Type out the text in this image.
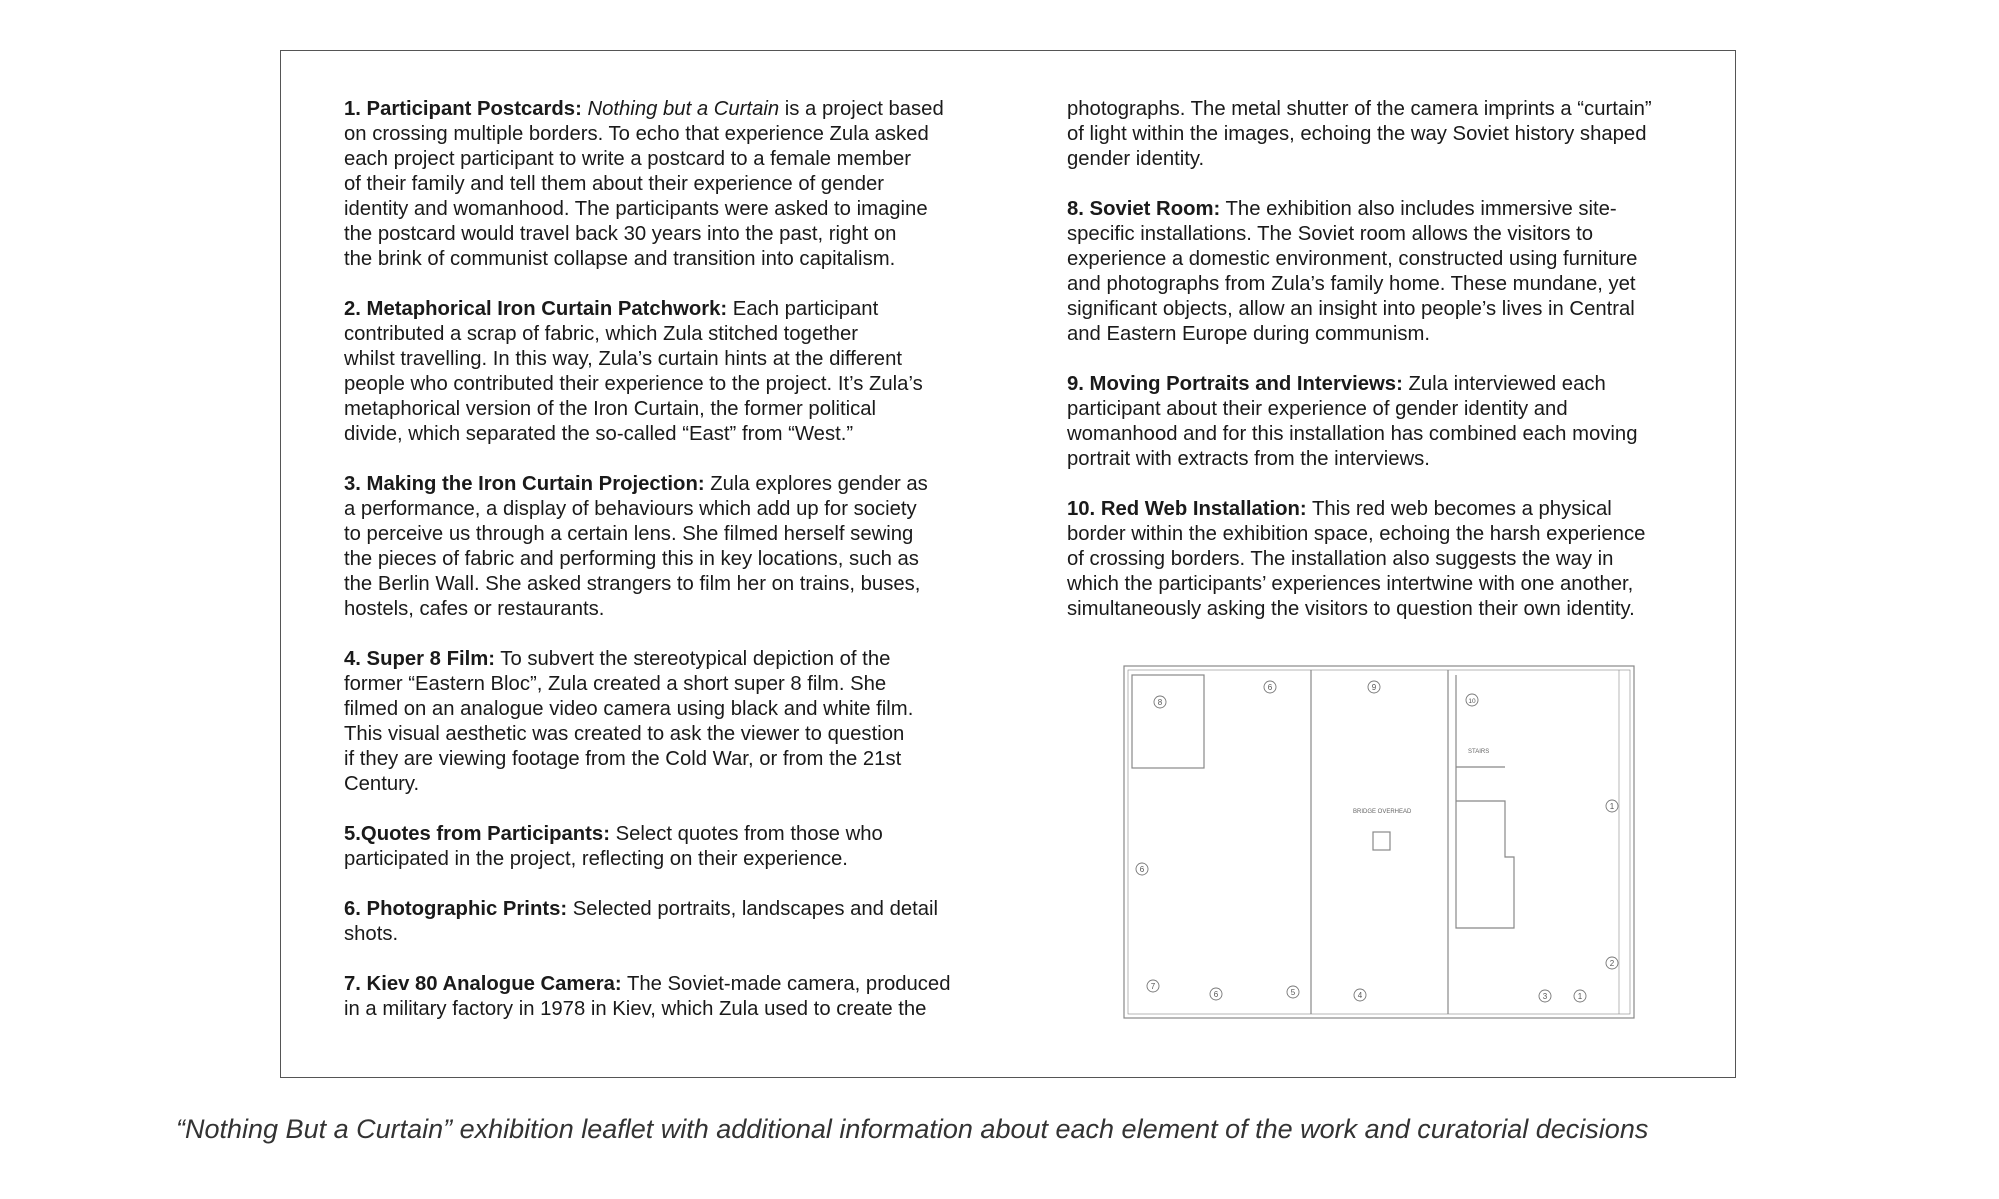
1. Participant Postcards: Nothing but a Curtain is a project based
on crossing multiple borders. To echo that experience Zula asked
each project participant to write a postcard to a female member
of their family and tell them about their experience of gender
identity and womanhood. The participants were asked to imagine
the postcard would travel back 30 years into the past, right on
the brink of communist collapse and transition into capitalism.

2. Metaphorical Iron Curtain Patchwork: Each participant
contributed a scrap of fabric, which Zula stitched together
whilst travelling. In this way, Zula’s curtain hints at the different
people who contributed their experience to the project. It’s Zula’s
metaphorical version of the Iron Curtain, the former political
divide, which separated the so-called “East” from “West.”

3. Making the Iron Curtain Projection: Zula explores gender as
a performance, a display of behaviours which add up for society
to perceive us through a certain lens. She filmed herself sewing
the pieces of fabric and performing this in key locations, such as
the Berlin Wall. She asked strangers to film her on trains, buses,
hostels, cafes or restaurants.

4. Super 8 Film: To subvert the stereotypical depiction of the
former “Eastern Bloc”, Zula created a short super 8 film. She
filmed on an analogue video camera using black and white film.
This visual aesthetic was created to ask the viewer to question
if they are viewing footage from the Cold War, or from the 21st
Century.

5.Quotes from Participants: Select quotes from those who
participated in the project, reflecting on their experience.

6. Photographic Prints: Selected portraits, landscapes and detail
shots.

7. Kiev 80 Analogue Camera: The Soviet-made camera, produced
in a military factory in 1978 in Kiev, which Zula used to create the

photographs. The metal shutter of the camera imprints a “curtain”
of light within the images, echoing the way Soviet history shaped
gender identity.

8. Soviet Room: The exhibition also includes immersive site-
specific installations. The Soviet room allows the visitors to
experience a domestic environment, constructed using furniture
and photographs from Zula’s family home. These mundane, yet
significant objects, allow an insight into people’s lives in Central
and Eastern Europe during communism.

9. Moving Portraits and Interviews: Zula interviewed each
participant about their experience of gender identity and
womanhood and for this installation has combined each moving
portrait with extracts from the interviews.

10. Red Web Installation: This red web becomes a physical
border within the exhibition space, echoing the harsh experience
of crossing borders. The installation also suggests the way in
which the participants’ experiences intertwine with one another,
simultaneously asking the visitors to question their own identity.

STAIRS
BRIDGE OVERHEAD
8
6	9
10
1
6
2
7
6	5	4	3	1
“Nothing But a Curtain” exhibition leaflet with additional information about each element of the work and curatorial decisions
